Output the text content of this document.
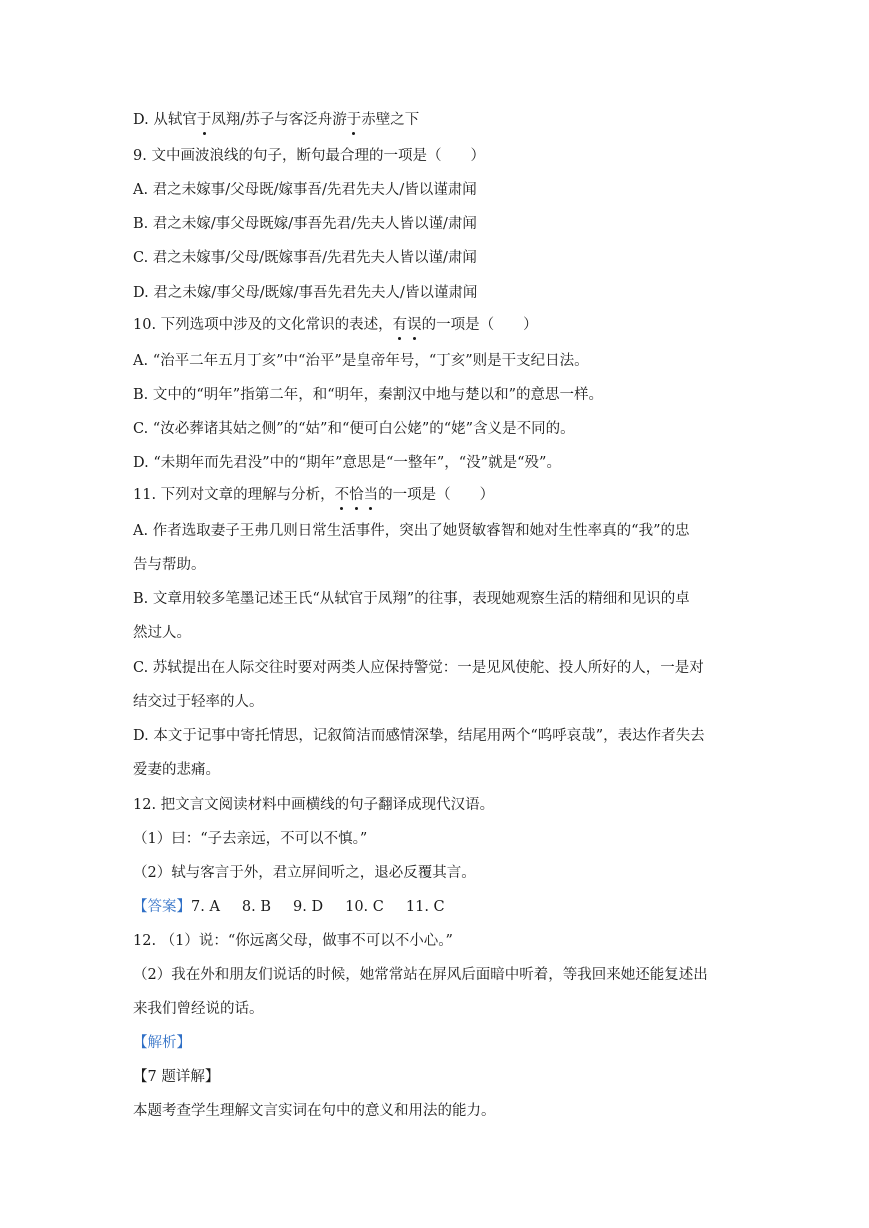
D. 从轼官于凤翔/苏子与客泛舟游于赤壁之下
9. 文中画波浪线的句子，断句最合理的一项是（　　）
A. 君之未嫁事/父母既/嫁事吾/先君先夫人/皆以谨肃闻
B. 君之未嫁/事父母既嫁/事吾先君/先夫人皆以谨/肃闻
C. 君之未嫁事/父母/既嫁事吾/先君先夫人皆以谨/肃闻
D. 君之未嫁/事父母/既嫁/事吾先君先夫人/皆以谨肃闻
10. 下列选项中涉及的文化常识的表述，有误的一项是（　　）
A. “治平二年五月丁亥”中“治平”是皇帝年号，“丁亥”则是干支纪日法。
B. 文中的“明年”指第二年，和“明年，秦割汉中地与楚以和”的意思一样。
C. “汝必葬诸其姑之侧”的“姑”和“便可白公姥”的“姥”含义是不同的。
D. “未期年而先君没”中的“期年”意思是“一整年”，“没”就是“殁”。
11. 下列对文章的理解与分析，不恰当的一项是（　　）
A. 作者选取妻子王弗几则日常生活事件，突出了她贤敏睿智和她对生性率真的“我”的忠
告与帮助。
B. 文章用较多笔墨记述王氏“从轼官于凤翔”的往事，表现她观察生活的精细和见识的卓
然过人。
C. 苏轼提出在人际交往时要对两类人应保持警觉：一是见风使舵、投人所好的人，一是对
结交过于轻率的人。
D. 本文于记事中寄托情思，记叙简洁而感情深挚，结尾用两个“呜呼哀哉”，表达作者失去
爱妻的悲痛。
12. 把文言文阅读材料中画横线的句子翻译成现代汉语。
（1）曰：“子去亲远，不可以不慎。”
（2）轼与客言于外，君立屏间听之，退必反覆其言。
【答案】7. A 8. B 9. D 10. C 11. C
12. （1）说：“你远离父母，做事不可以不小心。”
（2）我在外和朋友们说话的时候，她常常站在屏风后面暗中听着，等我回来她还能复述出
来我们曾经说的话。
【解析】
【7 题详解】
本题考查学生理解文言实词在句中的意义和用法的能力。
